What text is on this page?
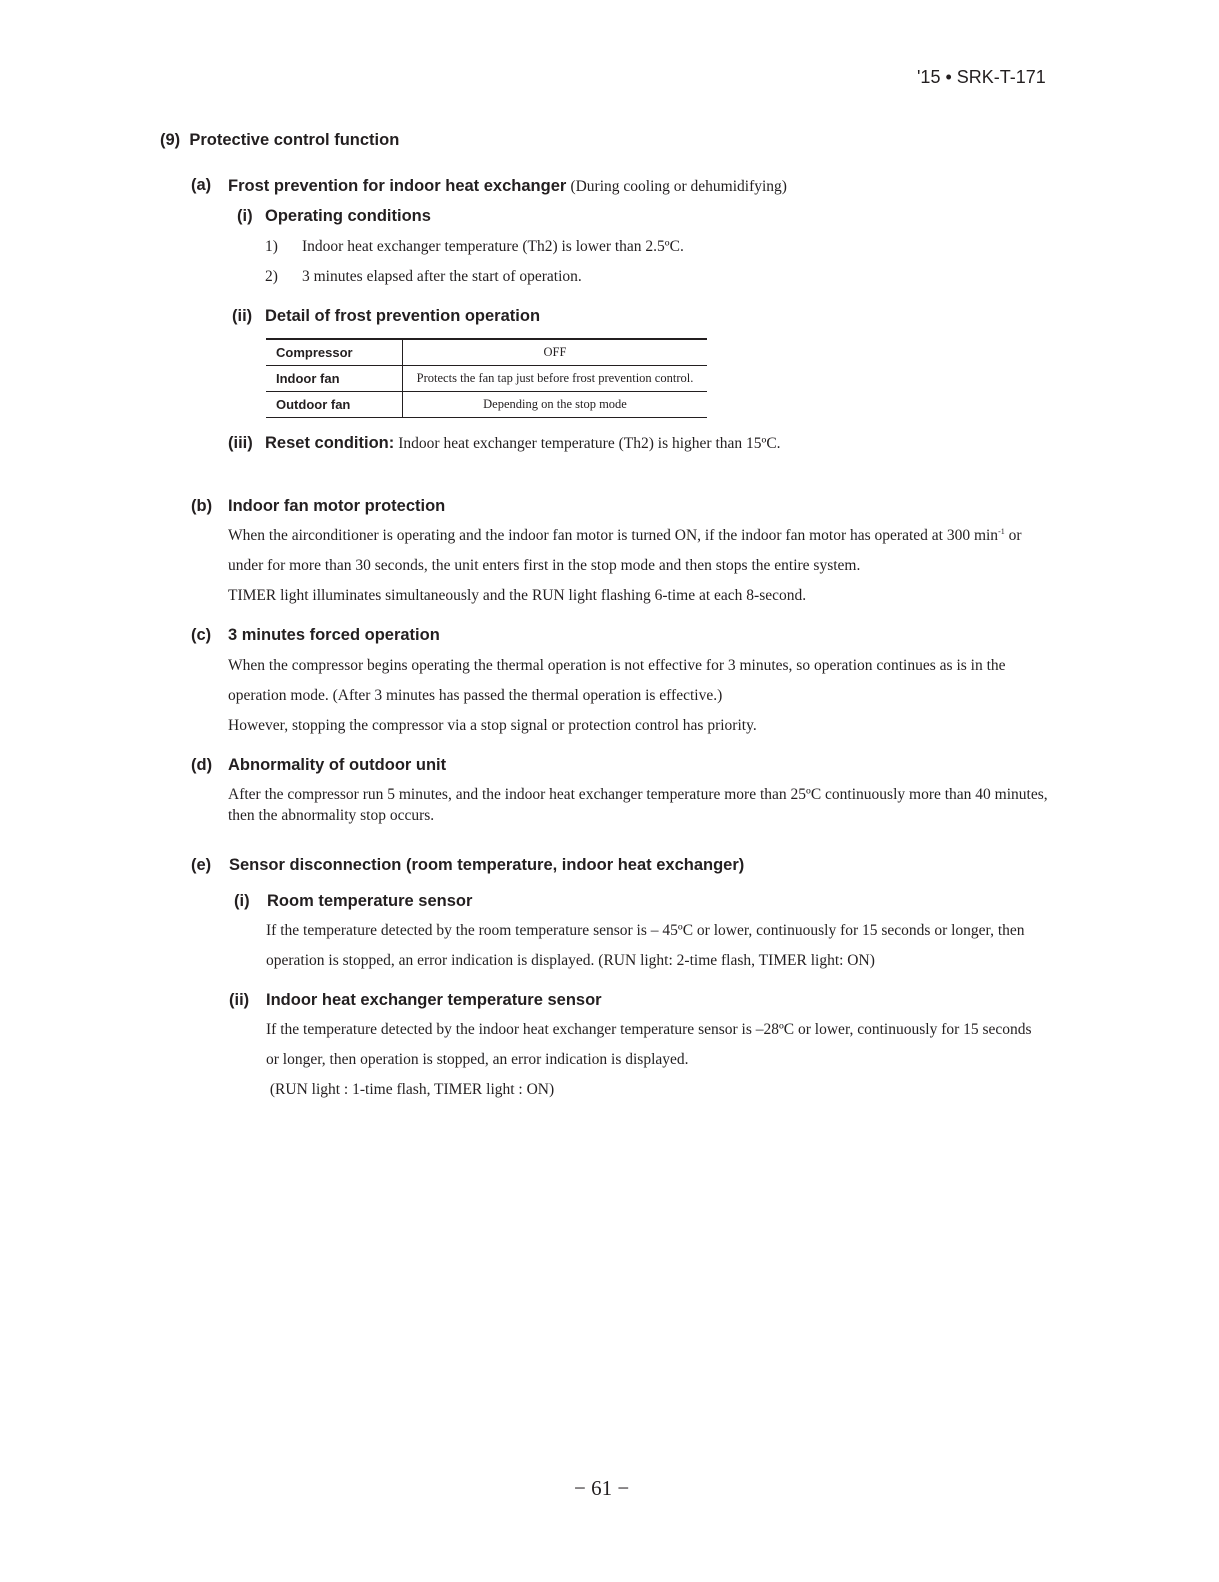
'15 • SRK-T-171
(9) Protective control function
(a) Frost prevention for indoor heat exchanger (During cooling or dehumidifying)
(i) Operating conditions
1) Indoor heat exchanger temperature (Th2) is lower than 2.5ºC.
2) 3 minutes elapsed after the start of operation.
(ii) Detail of frost prevention operation
Compressor	OFF
Indoor fan	Protects the fan tap just before frost prevention control.
Outdoor fan	Depending on the stop mode
(iii) Reset condition: Indoor heat exchanger temperature (Th2) is higher than 15ºC.
(b) Indoor fan motor protection
When the airconditioner is operating and the indoor fan motor is turned ON, if the indoor fan motor has operated at 300 $\min^{-1}$ or
under for more than 30 seconds, the unit enters first in the stop mode and then stops the entire system.
TIMER light illuminates simultaneously and the RUN light flashing 6-time at each 8-second.
(c) 3 minutes forced operation
When the compressor begins operating the thermal operation is not effective for 3 minutes, so operation continues as is in the
operation mode. (After 3 minutes has passed the thermal operation is effective.)
However, stopping the compressor via a stop signal or protection control has priority.
(d) Abnormality of outdoor unit
After the compressor run 5 minutes, and the indoor heat exchanger temperature more than 25ºC continuously more than 40 minutes,
then the abnormality stop occurs.
(e) Sensor disconnection (room temperature, indoor heat exchanger)
(i) Room temperature sensor
If the temperature detected by the room temperature sensor is – 45ºC or lower, continuously for 15 seconds or longer, then
operation is stopped, an error indication is displayed. (RUN light: 2-time flash, TIMER light: ON)
(ii) Indoor heat exchanger temperature sensor
If the temperature detected by the indoor heat exchanger temperature sensor is –28ºC or lower, continuously for 15 seconds
or longer, then operation is stopped, an error indication is displayed.
(RUN light : 1-time flash, TIMER light : ON)
− 61 −
